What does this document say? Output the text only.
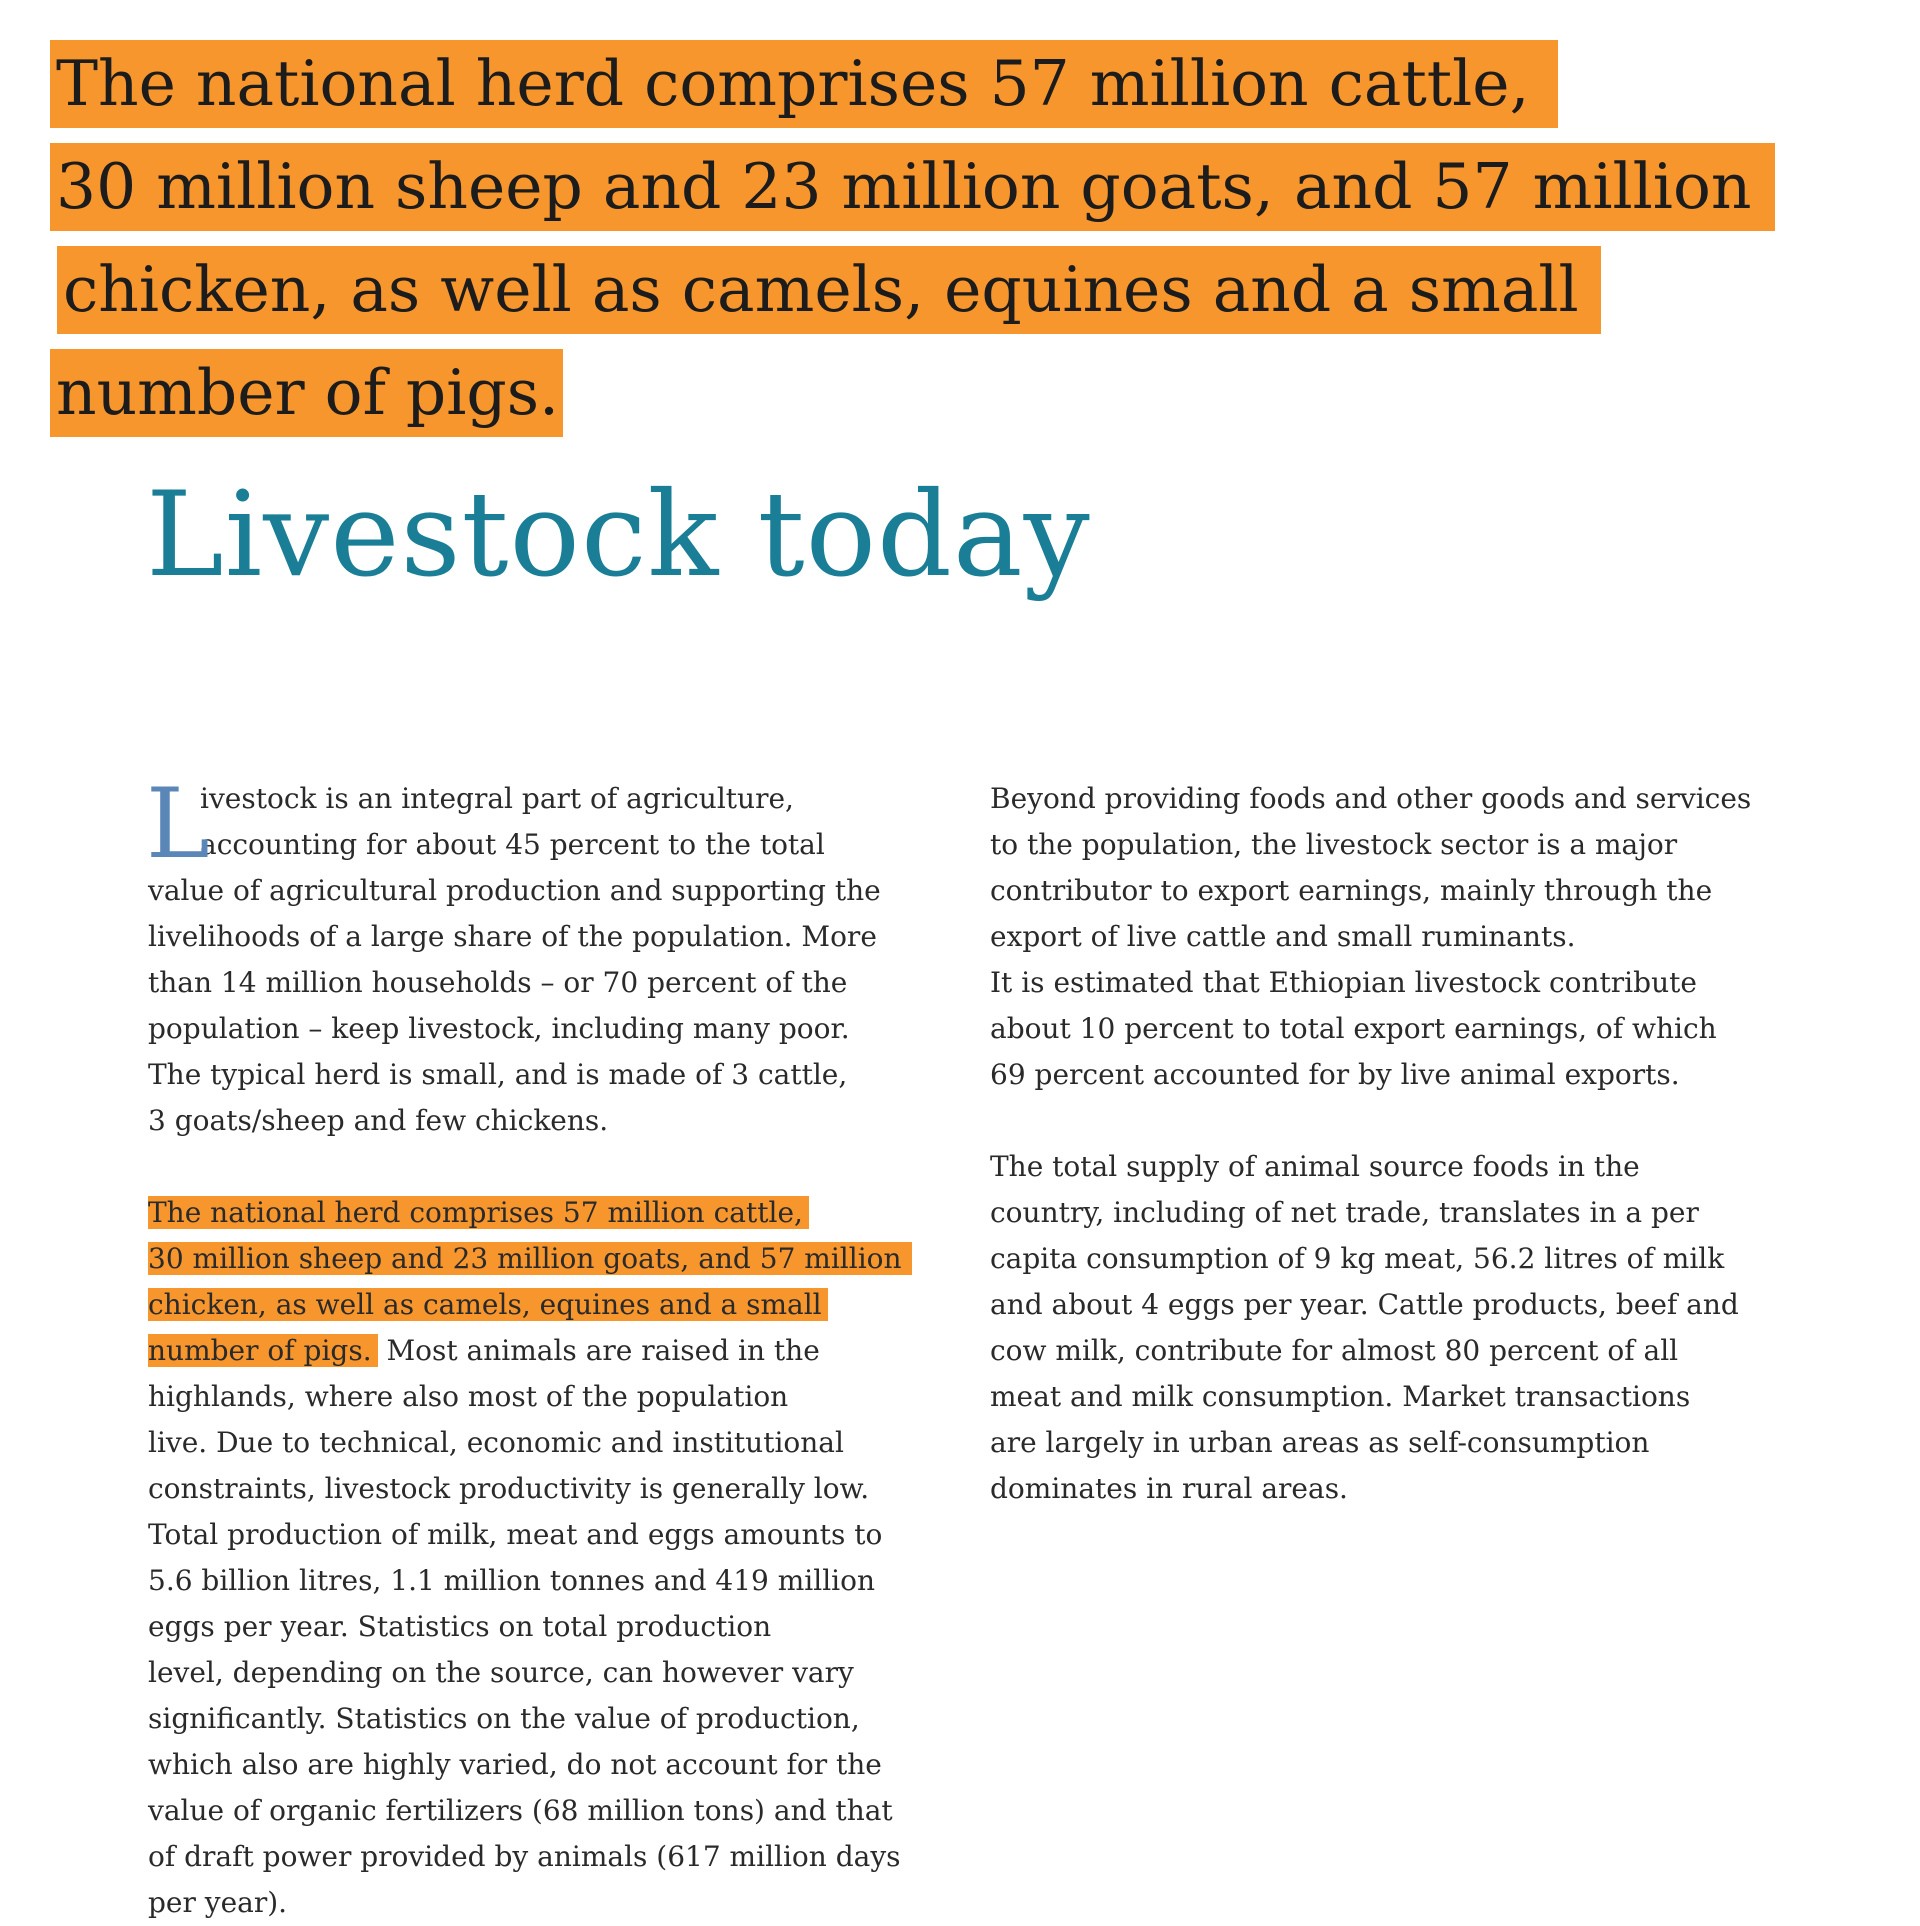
The national herd comprises 57 million cattle,
30 million sheep and 23 million goats, and 57 million
chicken, as well as camels, equines and a small
number of pigs.
Livestock today
L
ivestock is an integral part of agriculture,
accounting for about 45 percent to the total
value of agricultural production and supporting the
livelihoods of a large share of the population. More
than 14 million households – or 70 percent of the
population – keep livestock, including many poor.
The typical herd is small, and is made of 3 cattle,
3 goats/sheep and few chickens.
The national herd comprises 57 million cattle,
30 million sheep and 23 million goats, and 57 million
chicken, as well as camels, equines and a small
number of pigs. Most animals are raised in the
highlands, where also most of the population
live. Due to technical, economic and institutional
constraints, livestock productivity is generally low.
Total production of milk, meat and eggs amounts to
5.6 billion litres, 1.1 million tonnes and 419 million
eggs per year. Statistics on total production
level, depending on the source, can however vary
significantly. Statistics on the value of production,
which also are highly varied, do not account for the
value of organic fertilizers (68 million tons) and that
of draft power provided by animals (617 million days
per year).
Beyond providing foods and other goods and services
to the population, the livestock sector is a major
contributor to export earnings, mainly through the
export of live cattle and small ruminants.
It is estimated that Ethiopian livestock contribute
about 10 percent to total export earnings, of which
69 percent accounted for by live animal exports.
The total supply of animal source foods in the
country, including of net trade, translates in a per
capita consumption of 9 kg meat, 56.2 litres of milk
and about 4 eggs per year. Cattle products, beef and
cow milk, contribute for almost 80 percent of all
meat and milk consumption. Market transactions
are largely in urban areas as self-consumption
dominates in rural areas.
